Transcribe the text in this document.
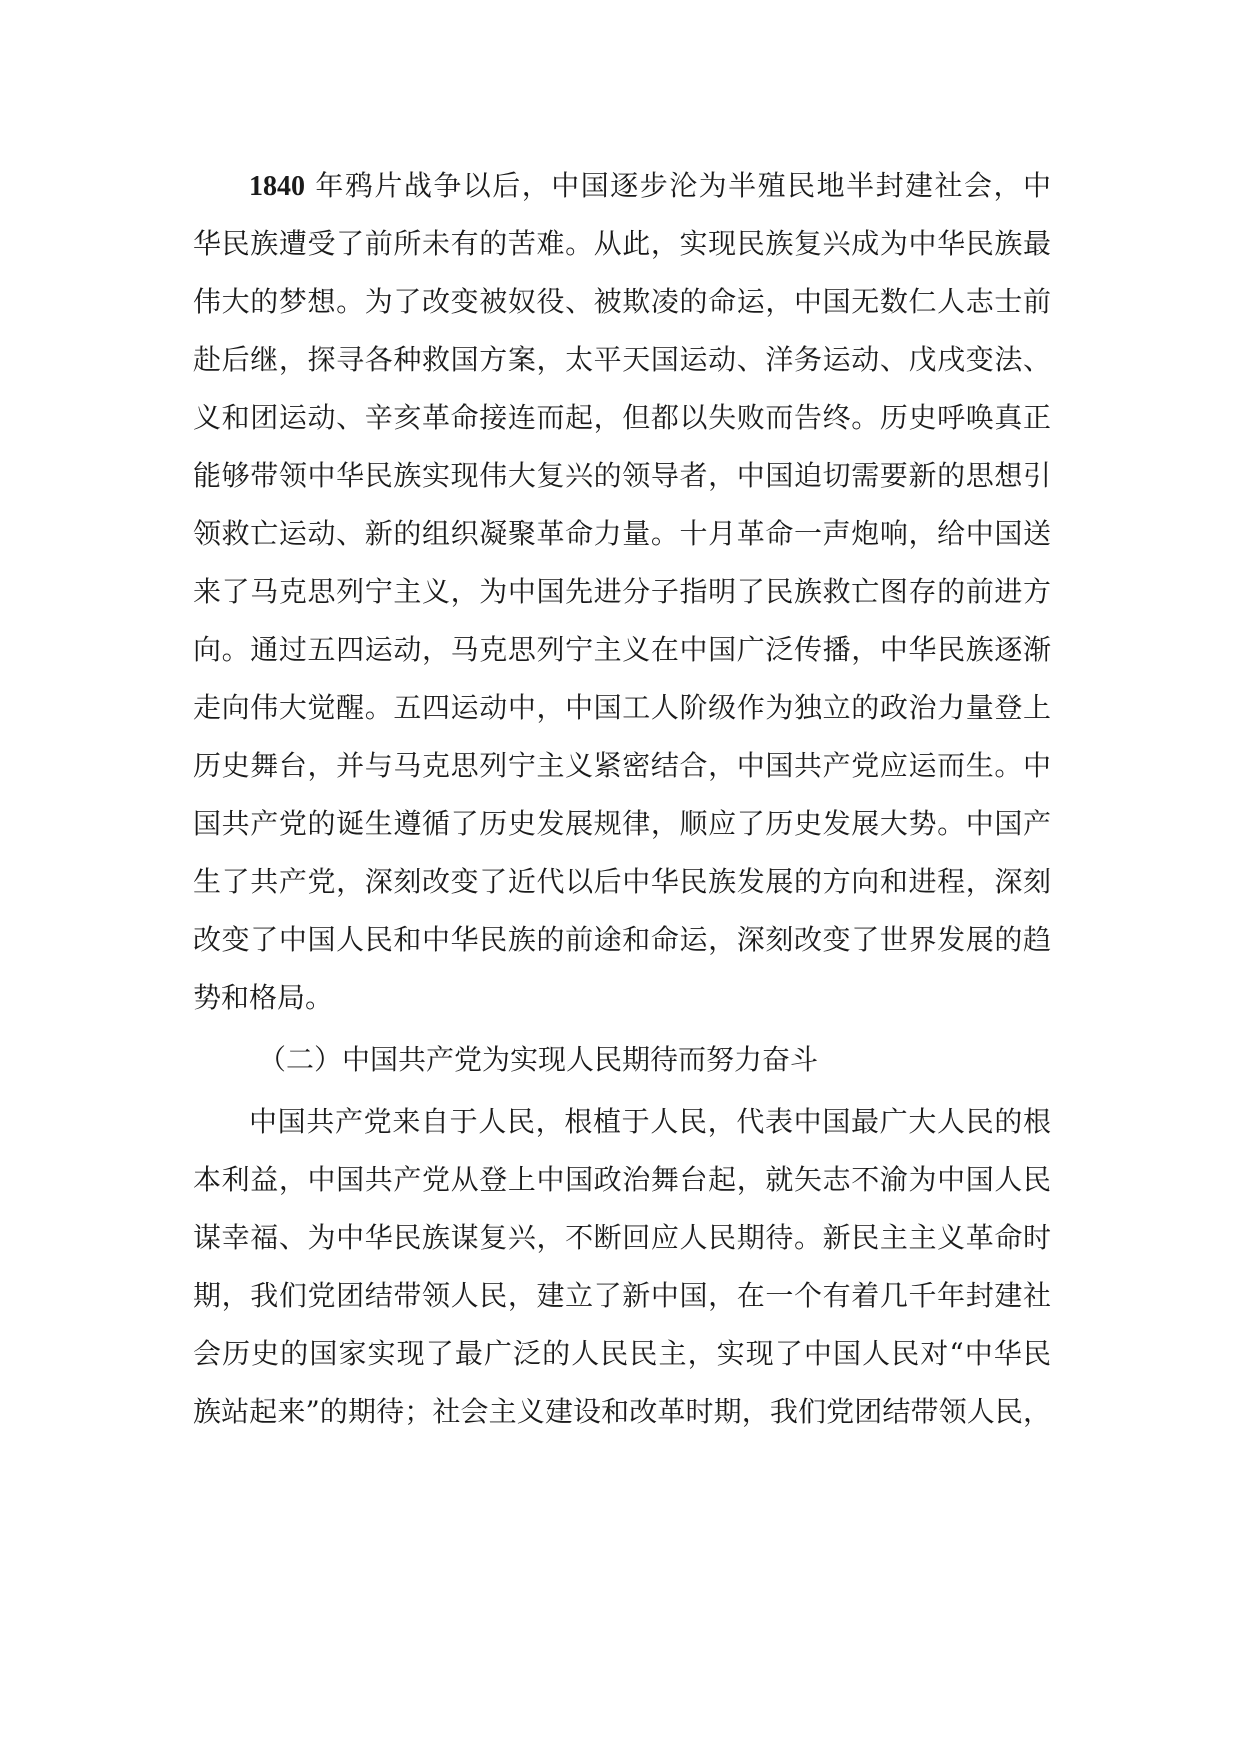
1840 年鸦片战争以后，中国逐步沦为半殖民地半封建社会，中
华民族遭受了前所未有的苦难。从此，实现民族复兴成为中华民族最
伟大的梦想。为了改变被奴役、被欺凌的命运，中国无数仁人志士前
赴后继，探寻各种救国方案，太平天国运动、洋务运动、戊戌变法、
义和团运动、辛亥革命接连而起，但都以失败而告终。历史呼唤真正
能够带领中华民族实现伟大复兴的领导者，中国迫切需要新的思想引
领救亡运动、新的组织凝聚革命力量。十月革命一声炮响，给中国送
来了马克思列宁主义，为中国先进分子指明了民族救亡图存的前进方
向。通过五四运动，马克思列宁主义在中国广泛传播，中华民族逐渐
走向伟大觉醒。五四运动中，中国工人阶级作为独立的政治力量登上
历史舞台，并与马克思列宁主义紧密结合，中国共产党应运而生。中
国共产党的诞生遵循了历史发展规律，顺应了历史发展大势。中国产
生了共产党，深刻改变了近代以后中华民族发展的方向和进程，深刻
改变了中国人民和中华民族的前途和命运，深刻改变了世界发展的趋
势和格局。
（二）中国共产党为实现人民期待而努力奋斗
中国共产党来自于人民，根植于人民，代表中国最广大人民的根
本利益，中国共产党从登上中国政治舞台起，就矢志不渝为中国人民
谋幸福、为中华民族谋复兴，不断回应人民期待。新民主主义革命时
期，我们党团结带领人民，建立了新中国，在一个有着几千年封建社
会历史的国家实现了最广泛的人民民主，实现了中国人民对“中华民
族站起来”的期待；社会主义建设和改革时期，我们党团结带领人民，
